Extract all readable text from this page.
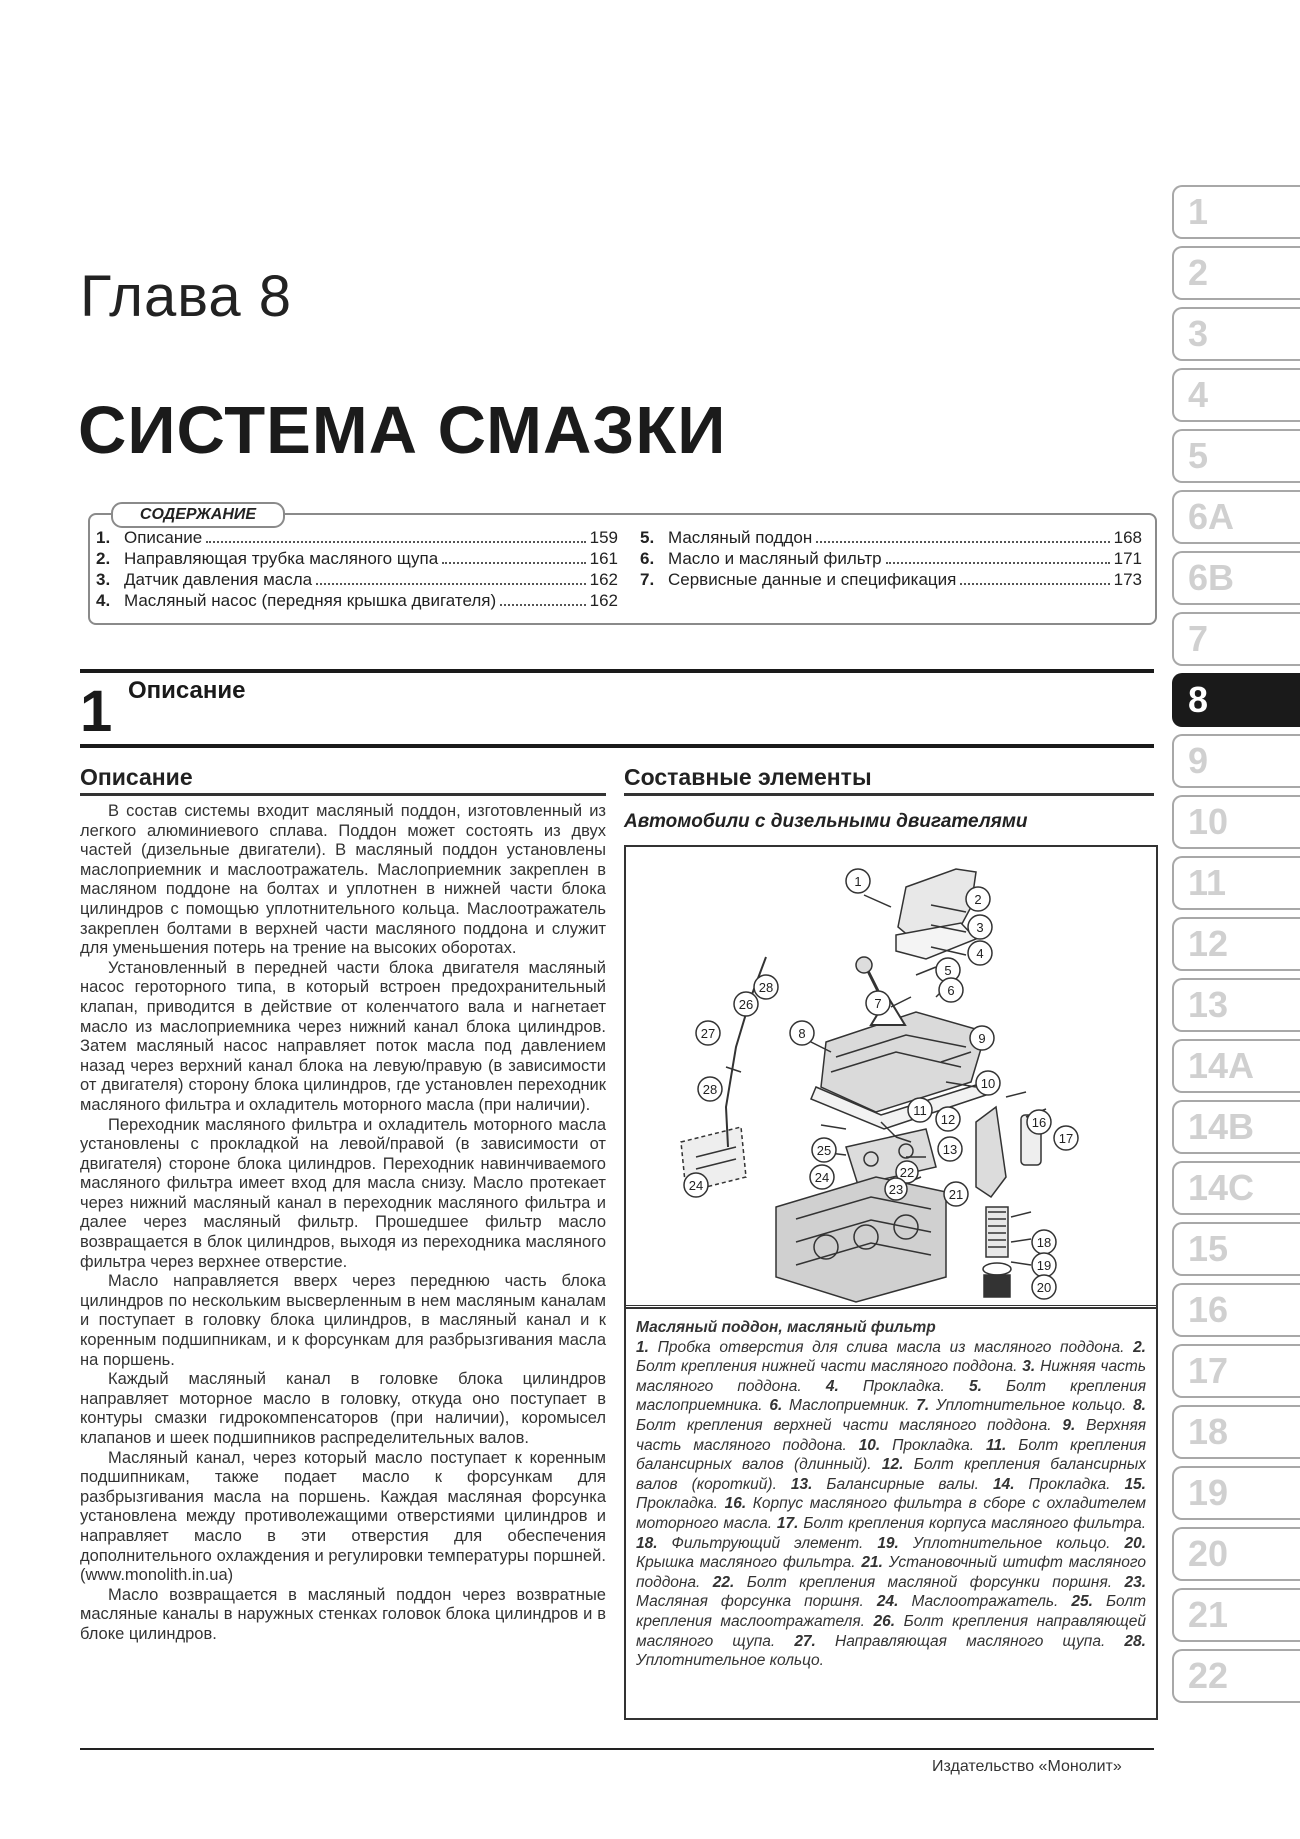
Глава 8
СИСТЕМА СМАЗКИ
СОДЕРЖАНИЕ
1. Описание	159
2. Направляющая трубка масляного щупа	161
3. Датчик давления масла	162
4. Масляный насос (передняя крышка двигателя)	162
5. Масляный поддон	168
6. Масло и масляный фильтр	171
7. Сервисные данные и спецификация	173
1 Описание
Описание

В состав системы входит масляный поддон, изготовленный из легкого алюминиевого сплава. Поддон может состоять из двух частей (дизельные двигатели). В масляный поддон установлены маслоприемник и маслоотражатель. Маслоприемник закреплен в масляном поддоне на болтах и уплотнен в нижней части блока цилиндров с помощью уплотнительного кольца. Маслоотражатель закреплен болтами в верхней части масляного поддона и служит для уменьшения потерь на трение на высоких оборотах.

Установленный в передней части блока двигателя масляный насос героторного типа, в который встроен предохранительный клапан, приводится в действие от коленчатого вала и нагнетает масло из маслоприемника через нижний канал блока цилиндров. Затем масляный насос направляет поток масла под давлением назад через верхний канал блока на левую/правую (в зависимости от двигателя) сторону блока цилиндров, где установлен переходник масляного фильтра и охладитель моторного масла (при наличии).

Переходник масляного фильтра и охладитель моторного масла установлены с прокладкой на левой/правой (в зависимости от двигателя) стороне блока цилиндров. Переходник навинчиваемого масляного фильтра имеет вход для масла снизу. Масло протекает через нижний масляный канал в переходник масляного фильтра и далее через масляный фильтр. Прошедшее фильтр масло возвращается в блок цилиндров, выходя из переходника масляного фильтра через верхнее отверстие.

Масло направляется вверх через переднюю часть блока цилиндров по нескольким высверленным в нем масляным каналам и поступает в головку блока цилиндров, в масляный канал и к коренным подшипникам, и к форсункам для разбрызгивания масла на поршень.

Каждый масляный канал в головке блока цилиндров направляет моторное масло в головку, откуда оно поступает в контуры смазки гидрокомпенсаторов (при наличии), коромысел клапанов и шеек подшипников распределительных валов.

Масляный канал, через который масло поступает к коренным подшипникам, также подает масло к форсункам для разбрызгивания масла на поршень. Каждая масляная форсунка установлена между противолежащими отверстиями цилиндров и направляет масло в эти отверстия для обеспечения дополнительного охлаждения и регулировки температуры поршней. (www.monolith.in.ua)

Масло возвращается в масляный поддон через возвратные масляные каналы в наружных стенках головок блока цилиндров и в блоке цилиндров.

Составные элементы
Автомобили с дизельными двигателями
1
2
3
4
5
6
7
8	9
10
11
12
13
16
17
18
19
20
21
22
23
24
24
25
26
27
28
28
Масляный поддон, масляный фильтр
1. Пробка отверстия для слива масла из масляного поддона. 2. Болт крепления нижней части масляного поддона. 3. Нижняя часть масляного поддона. 4. Прокладка. 5. Болт крепления маслоприемника. 6. Маслоприемник. 7. Уплотнительное кольцо. 8. Болт крепления верхней части масляного поддона. 9. Верхняя часть масляного поддона. 10. Прокладка. 11. Болт крепления балансирных валов (длинный). 12. Болт крепления балансирных валов (короткий). 13. Балансирные валы. 14. Прокладка. 15. Прокладка. 16. Корпус масляного фильтра в сборе с охладителем моторного масла. 17. Болт крепления корпуса масляного фильтра. 18. Фильтрующий элемент. 19. Уплотнительное кольцо. 20. Крышка масляного фильтра. 21. Установочный штифт масляного поддона. 22. Болт крепления масляной форсунки поршня. 23. Масляная форсунка поршня. 24. Маслоотражатель. 25. Болт крепления маслоотражателя. 26. Болт крепления направляющей масляного щупа. 27. Направляющая масляного щупа. 28. Уплотнительное кольцо.
1
2
3
4
5
6A
6B
7
8
9
10
11
12
13
14A
14B
14C
15
16
17
18
19
20
21
22
Издательство «Монолит»
